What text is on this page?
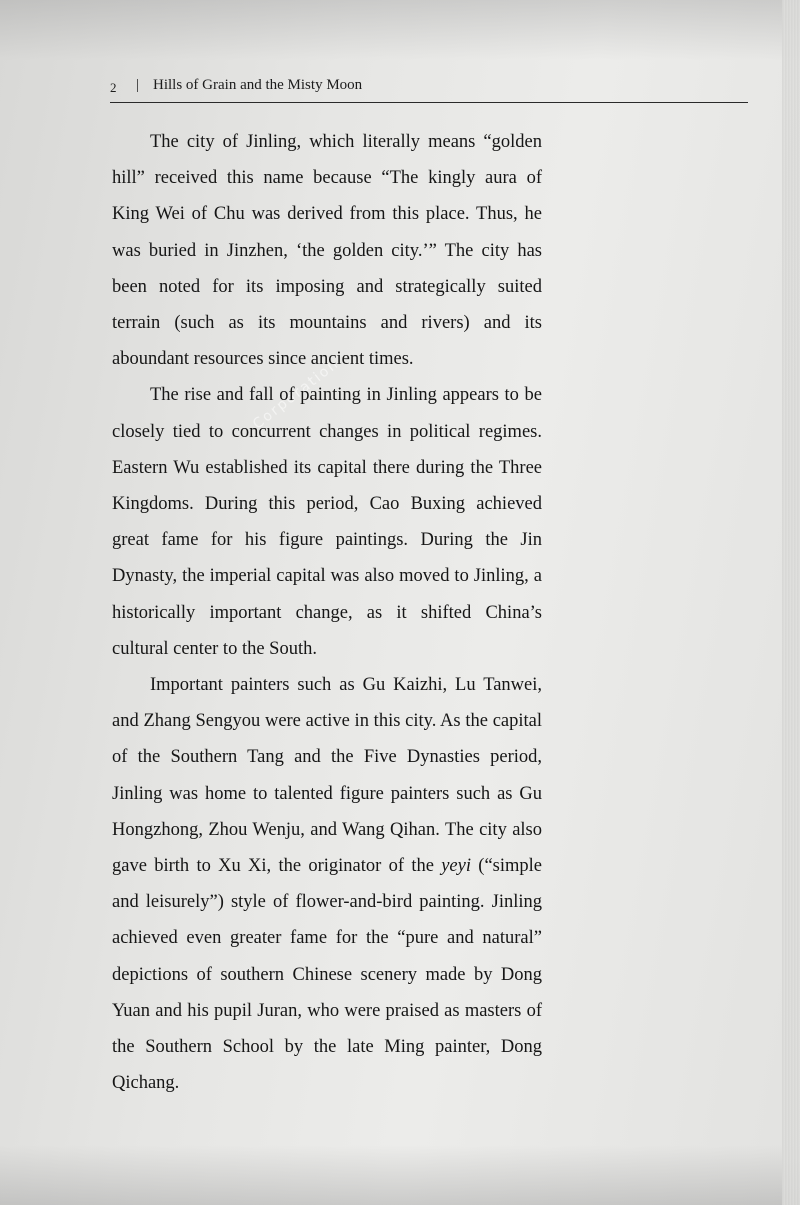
2 | Hills of Grain and the Misty Moon
Corporation

The city of Jinling, which literally means “golden hill” received this name because “The kingly aura of King Wei of Chu was derived from this place. Thus, he was buried in Jinzhen, ‘the golden city.’” The city has been noted for its imposing and strategically suited terrain (such as its mountains and rivers) and its aboundant resources since ancient times.

The rise and fall of painting in Jinling appears to be closely tied to concurrent changes in political regimes. Eastern Wu established its capital there during the Three Kingdoms. During this period, Cao Buxing achieved great fame for his figure paintings. During the Jin Dynasty, the imperial capital was also moved to Jinling, a historically important change, as it shifted China’s cultural center to the South.

Important painters such as Gu Kaizhi, Lu Tanwei, and Zhang Sengyou were active in this city. As the capital of the Southern Tang and the Five Dynasties period, Jinling was home to talented figure painters such as Gu Hongzhong, Zhou Wenju, and Wang Qihan. The city also gave birth to Xu Xi, the originator of the yeyi (“simple and leisurely”) style of flower-and-bird painting. Jinling achieved even greater fame for the “pure and natural” depictions of southern Chinese scenery made by Dong Yuan and his pupil Juran, who were praised as masters of the Southern School by the late Ming painter, Dong Qichang.
